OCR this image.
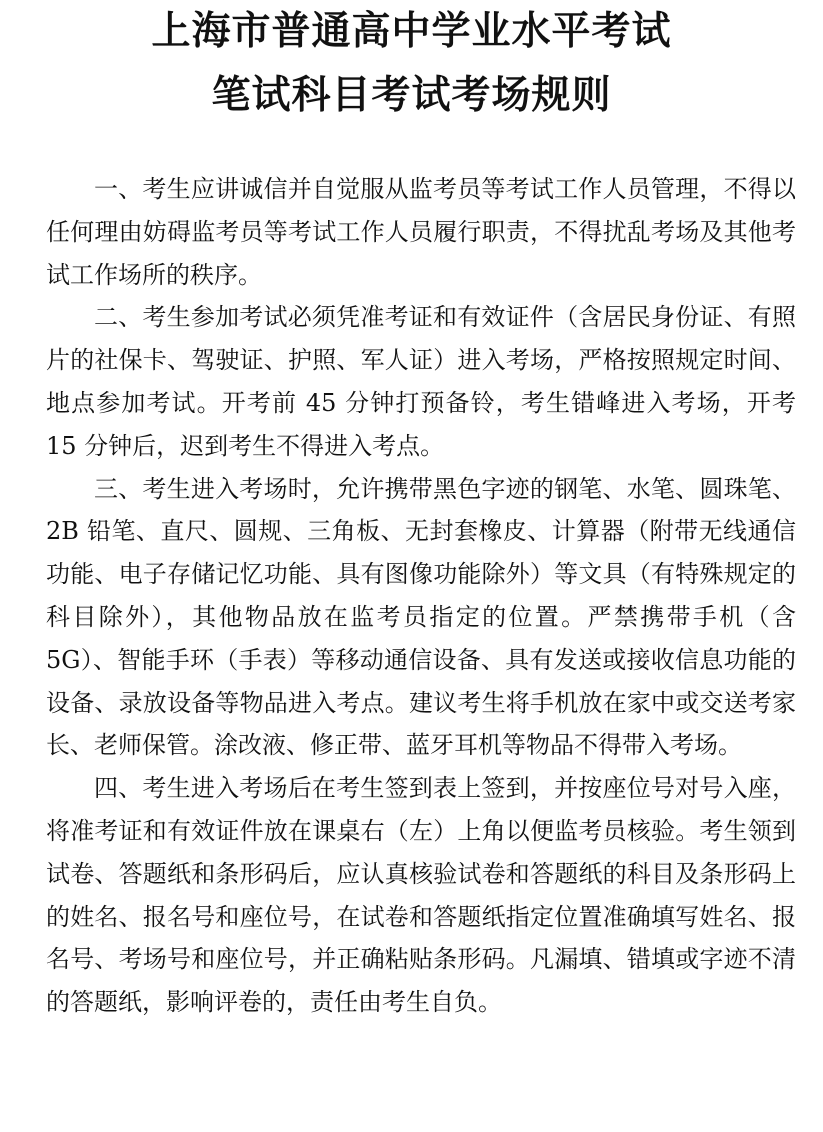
上海市普通高中学业水平考试
笔试科目考试考场规则

一、考生应讲诚信并自觉服从监考员等考试工作人员管理，不得以任何理由妨碍监考员等考试工作人员履行职责，不得扰乱考场及其他考试工作场所的秩序。

二、考生参加考试必须凭准考证和有效证件（含居民身份证、有照片的社保卡、驾驶证、护照、军人证）进入考场，严格按照规定时间、地点参加考试。开考前 45 分钟打预备铃，考生错峰进入考场，开考 15 分钟后，迟到考生不得进入考点。

三、考生进入考场时，允许携带黑色字迹的钢笔、水笔、圆珠笔、2B 铅笔、直尺、圆规、三角板、无封套橡皮、计算器（附带无线通信功能、电子存储记忆功能、具有图像功能除外）等文具（有特殊规定的科目除外），其他物品放在监考员指定的位置。严禁携带手机（含 5G）、智能手环（手表）等移动通信设备、具有发送或接收信息功能的设备、录放设备等物品进入考点。建议考生将手机放在家中或交送考家长、老师保管。涂改液、修正带、蓝牙耳机等物品不得带入考场。

四、考生进入考场后在考生签到表上签到，并按座位号对号入座，将准考证和有效证件放在课桌右（左）上角以便监考员核验。考生领到试卷、答题纸和条形码后，应认真核验试卷和答题纸的科目及条形码上的姓名、报名号和座位号，在试卷和答题纸指定位置准确填写姓名、报名号、考场号和座位号，并正确粘贴条形码。凡漏填、错填或字迹不清的答题纸，影响评卷的，责任由考生自负。
